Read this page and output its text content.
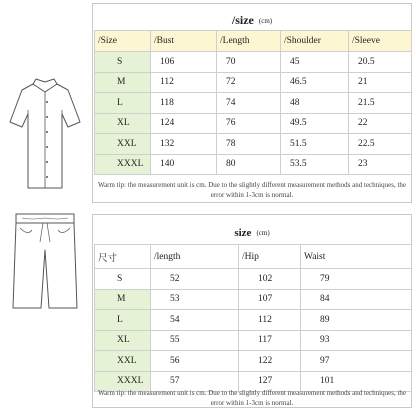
/size (cm)
/Size	/Bust	/Length	/Shoulder	/Sleeve
S	106	70	45	20.5
M	112	72	46.5	21
L	118	74	48	21.5
XL	124	76	49.5	22
XXL	132	78	51.5	22.5
XXXL	140	80	53.5	23
Warm tip: the measurement unit is cm. Due to the slightly different measurement methods and techniques, the error within 1-3cm is normal.
size (cm)
尺寸	/length	/Hip	Waist
S	52	102	79
M	53	107	84
L	54	112	89
XL	55	117	93
XXL	56	122	97
XXXL	57	127	101
Warm tip: the measurement unit is cm. Due to the slightly different measurement methods and techniques, the error within 1-3cm is normal.
